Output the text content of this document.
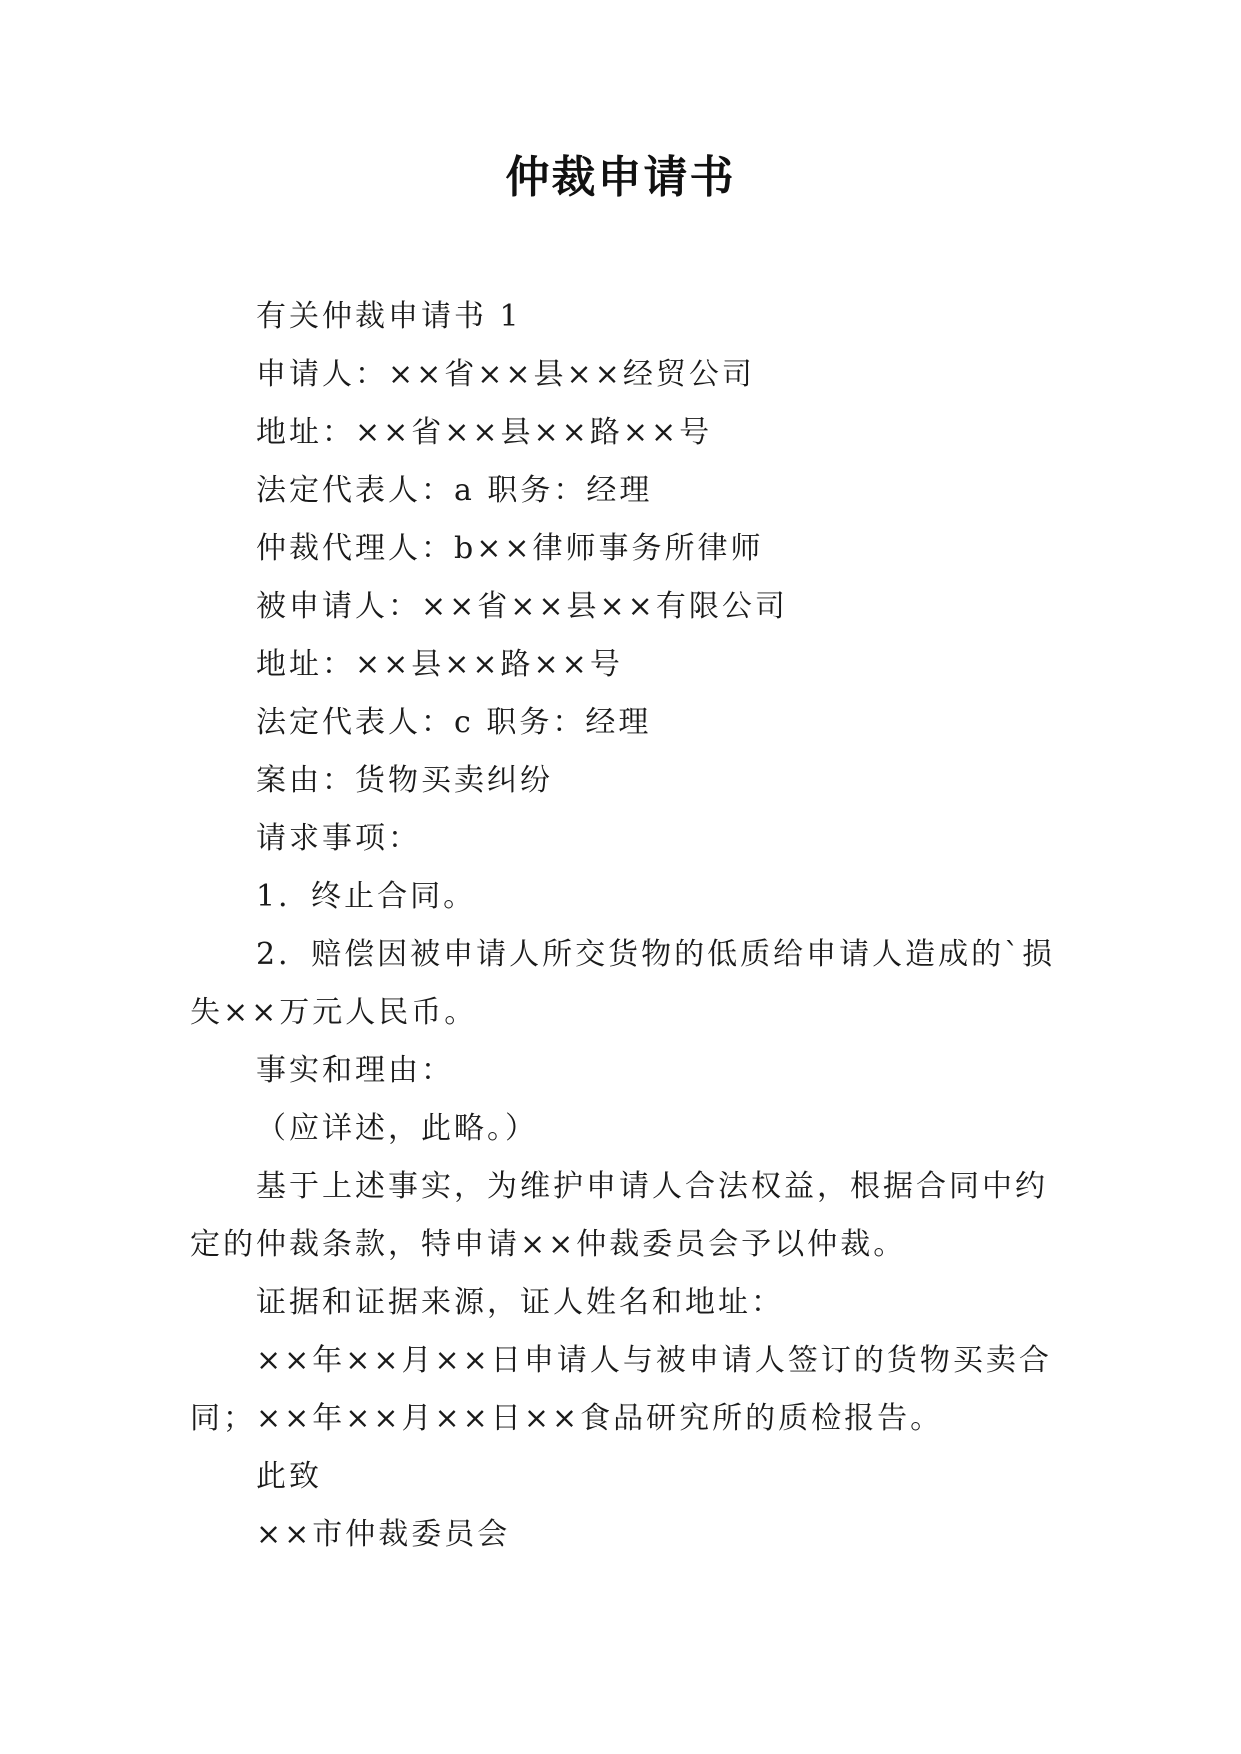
仲裁申请书

有关仲裁申请书 1

申请人：××省××县××经贸公司

地址：××省××县××路××号

法定代表人：a 职务：经理

仲裁代理人：b××律师事务所律师

被申请人：××省××县××有限公司

地址：××县××路××号

法定代表人：c 职务：经理

案由：货物买卖纠纷

请求事项：

1．终止合同。

2．赔偿因被申请人所交货物的低质给申请人造成的`损失××万元人民币。

事实和理由：

（应详述，此略。）

基于上述事实，为维护申请人合法权益，根据合同中约定的仲裁条款，特申请××仲裁委员会予以仲裁。

证据和证据来源，证人姓名和地址：

××年××月××日申请人与被申请人签订的货物买卖合同；××年××月××日××食品研究所的质检报告。

此致

××市仲裁委员会
